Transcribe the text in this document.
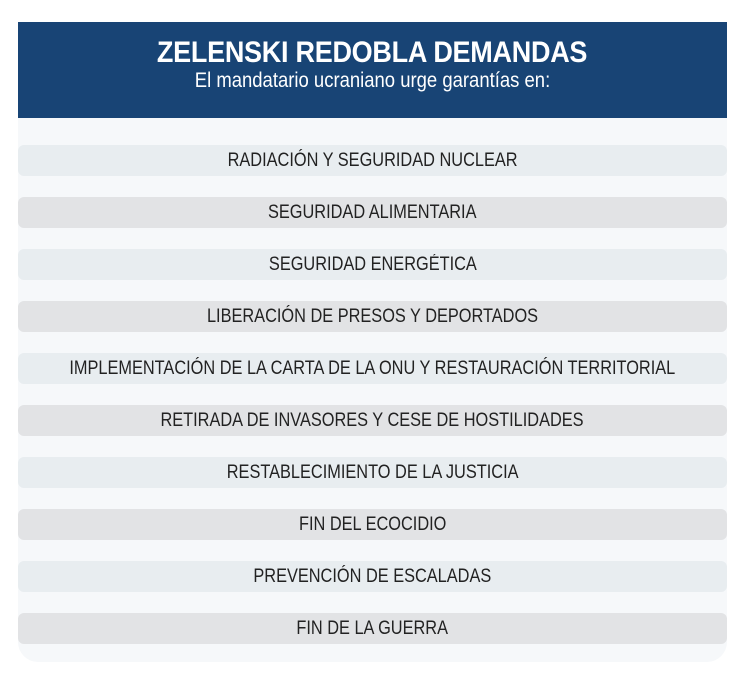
ZELENSKI REDOBLA DEMANDAS
El mandatario ucraniano urge garantías en:
RADIACIÓN Y SEGURIDAD NUCLEAR
SEGURIDAD ALIMENTARIA
SEGURIDAD ENERGÉTICA
LIBERACIÓN DE PRESOS Y DEPORTADOS
IMPLEMENTACIÓN DE LA CARTA DE LA ONU Y RESTAURACIÓN TERRITORIAL
RETIRADA DE INVASORES Y CESE DE HOSTILIDADES
RESTABLECIMIENTO DE LA JUSTICIA
FIN DEL ECOCIDIO
PREVENCIÓN DE ESCALADAS
FIN DE LA GUERRA
